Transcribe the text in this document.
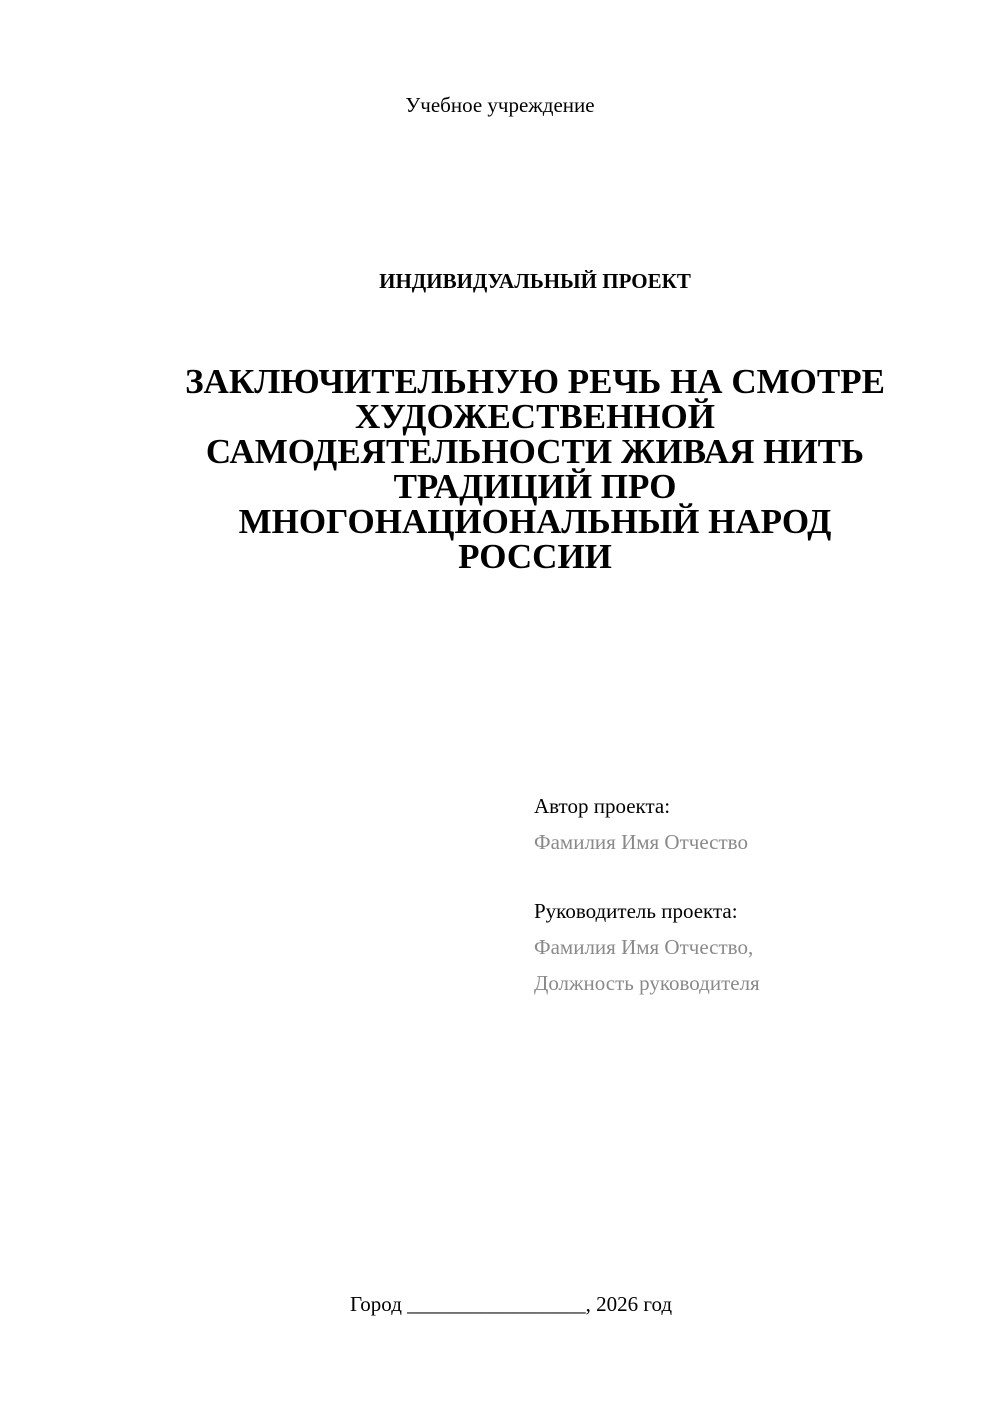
Учебное учреждение
ИНДИВИДУАЛЬНЫЙ ПРОЕКТ
ЗАКЛЮЧИТЕЛЬНУЮ РЕЧЬ НА СМОТРЕ
ХУДОЖЕСТВЕННОЙ
САМОДЕЯТЕЛЬНОСТИ ЖИВАЯ НИТЬ
ТРАДИЦИЙ ПРО
МНОГОНАЦИОНАЛЬНЫЙ НАРОД
РОССИИ
Автор проекта:
Фамилия Имя Отчество
Руководитель проекта:
Фамилия Имя Отчество,
Должность руководителя
Город _________________, 2026 год
